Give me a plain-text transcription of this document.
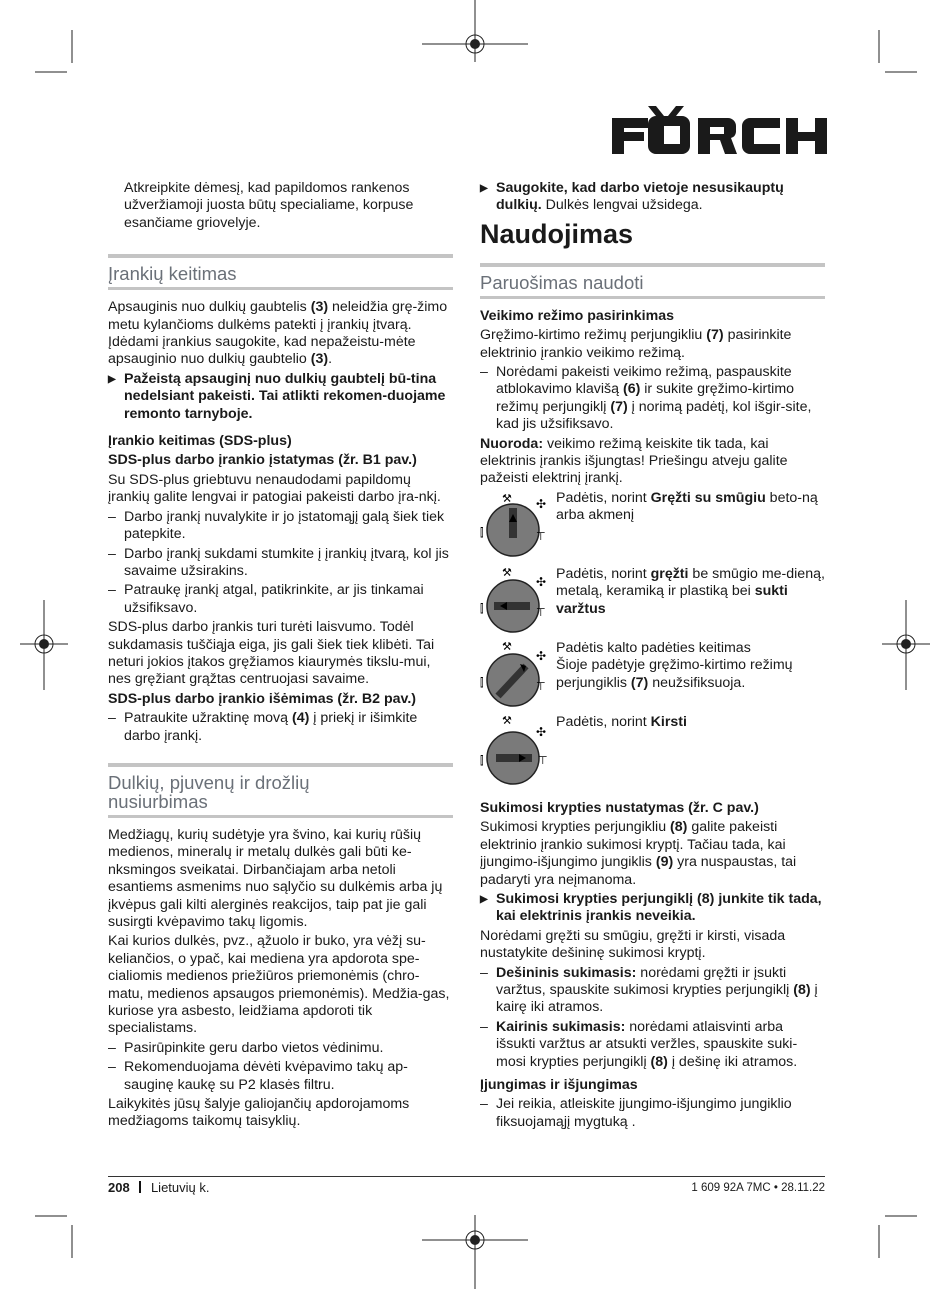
Atkreipkite dėmesį, kad papildomos rankenos užveržiamoji juosta būtų specialiame, korpuse esančiame griovelyje.

Įrankių keitimas

Apsauginis nuo dulkių gaubtelis (3) neleidžia grę-žimo metu kylančioms dulkėms patekti į įrankių įtvarą. Įdėdami įrankius saugokite, kad nepažeistu-mėte apsauginio nuo dulkių gaubtelio (3).

▶ Pažeistą apsauginį nuo dulkių gaubtelį bū-tina nedelsiant pakeisti. Tai atlikti rekomen-duojame remonto tarnyboje.

Įrankio keitimas (SDS-plus)

SDS-plus darbo įrankio įstatymas (žr. B1 pav.)

Su SDS-plus griebtuvu nenaudodami papildomų įrankių galite lengvai ir patogiai pakeisti darbo įra-nkį.

– Darbo įrankį nuvalykite ir jo įstatomąjį galą šiek tiek patepkite.

– Darbo įrankį sukdami stumkite į įrankių įtvarą, kol jis savaime užsirakins.

– Patraukę įrankį atgal, patikrinkite, ar jis tinkamai užsifiksavo.

SDS-plus darbo įrankis turi turėti laisvumo. Todėl sukdamasis tuščiąja eiga, jis gali šiek tiek klibėti. Tai neturi jokios įtakos gręžiamos kiaurymės tikslu-mui, nes gręžiant grąžtas centruojasi savaime.

SDS-plus darbo įrankio išėmimas (žr. B2 pav.)

– Patraukite užraktinę movą (4) į priekį ir išimkite darbo įrankį.

Dulkių, pjuvenų ir drožlių

nusiurbimas

Medžiagų, kurių sudėtyje yra švino, kai kurių rūšių medienos, mineralų ir metalų dulkės gali būti ke-nksmingos sveikatai. Dirbančiajam arba netoli esantiems asmenims nuo sąlyčio su dulkėmis arba jų įkvėpus gali kilti alerginės reakcijos, taip pat jie gali susirgti kvėpavimo takų ligomis.

Kai kurios dulkės, pvz., ąžuolo ir buko, yra vėžį su-keliančios, o ypač, kai mediena yra apdorota spe-cialiomis medienos priežiūros priemonėmis (chro-matu, medienos apsaugos priemonėmis). Medžia-gas, kuriose yra asbesto, leidžiama apdoroti tik specialistams.

– Pasirūpinkite geru darbo vietos vėdinimu.

– Rekomenduojama dėvėti kvėpavimo takų ap-sauginę kaukę su P2 klasės filtru.

Laikykitės jūsų šalyje galiojančių apdorojamoms medžiagoms taikomų taisyklių.

▶ Saugokite, kad darbo vietoje nesusikauptų dulkių. Dulkės lengvai užsidega.

Naudojimas
Paruošimas naudoti

Veikimo režimo pasirinkimas

Gręžimo-kirtimo režimų perjungikliu (7) pasirinkite elektrinio įrankio veikimo režimą.

– Norėdami pakeisti veikimo režimą, paspauskite atblokavimo klavišą (6) ir sukite gręžimo-kirtimo režimų perjungiklį (7) į norimą padėtį, kol išgir-site, kad jis užsifiksavo.

Nuoroda: veikimo režimą keiskite tik tada, kai elektrinis įrankis išjungtas! Priešingu atveju galite pažeisti elektrinį įrankį.

⚒ ✣
⫿	⊤

Padėtis, norint Gręžti su smūgiu beto-ną arba akmenį

⚒
✣
⫿	⊤

Padėtis, norint gręžti be smūgio me-dieną, metalą, keramiką ir plastiką bei sukti varžtus

⚒
✣
⫿	⊤

Padėtis kalto padėties keitimas
Šioje padėtyje gręžimo-kirtimo režimų perjungiklis (7) neužsifiksuoja.

⚒
✣
⫿	⊤

Padėtis, norint Kirsti

Sukimosi krypties nustatymas (žr. C pav.)

Sukimosi krypties perjungikliu (8) galite pakeisti elektrinio įrankio sukimosi kryptį. Tačiau tada, kai įjungimo-išjungimo jungiklis (9) yra nuspaustas, tai padaryti yra neįmanoma.

▶ Sukimosi krypties perjungiklį (8) junkite tik tada, kai elektrinis įrankis neveikia.

Norėdami gręžti su smūgiu, gręžti ir kirsti, visada nustatykite dešininę sukimosi kryptį.

– Dešininis sukimasis: norėdami gręžti ir įsukti varžtus, spauskite sukimosi krypties perjungiklį (8) į kairę iki atramos.

– Kairinis sukimasis: norėdami atlaisvinti arba išsukti varžtus ar atsukti veržles, spauskite suki-mosi krypties perjungiklį (8) į dešinę iki atramos.

Įjungimas ir išjungimas

– Jei reikia, atleiskite įjungimo-išjungimo jungiklio fiksuojamąjį mygtuką .

208 Lietuvių k.	1 609 92A 7MC • 28.11.22
